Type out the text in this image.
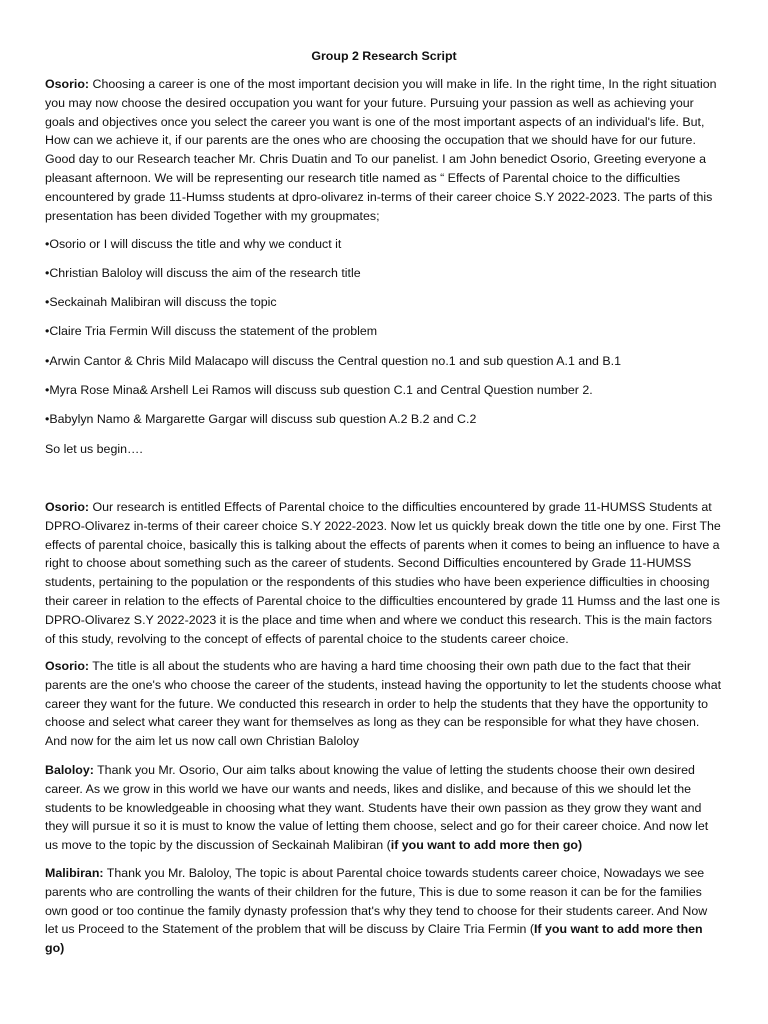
Group 2 Research Script

Osorio: Choosing a career is one of the most important decision you will make in life. In the right time, In the right situation you may now choose the desired occupation you want for your future. Pursuing your passion as well as achieving your goals and objectives once you select the career you want is one of the most important aspects of an individual's life. But, How can we achieve it, if our parents are the ones who are choosing the occupation that we should have for our future. Good day to our Research teacher Mr. Chris Duatin and To our panelist. I am John benedict Osorio, Greeting everyone a pleasant afternoon. We will be representing our research title named as “ Effects of Parental choice to the difficulties encountered by grade 11-Humss students at dpro-olivarez in-terms of their career choice S.Y 2022-2023. The parts of this presentation has been divided Together with my groupmates;

•Osorio or I will discuss the title and why we conduct it

•Christian Baloloy will discuss the aim of the research title

•Seckainah Malibiran will discuss the topic

•Claire Tria Fermin Will discuss the statement of the problem

•Arwin Cantor & Chris Mild Malacapo will discuss the Central question no.1 and sub question A.1 and B.1

•Myra Rose Mina& Arshell Lei Ramos will discuss sub question C.1 and Central Question number 2.

•Babylyn Namo & Margarette Gargar will discuss sub question A.2 B.2 and C.2

So let us begin….

Osorio: Our research is entitled Effects of Parental choice to the difficulties encountered by grade 11-HUMSS Students at DPRO-Olivarez in-terms of their career choice S.Y 2022-2023. Now let us quickly break down the title one by one. First The effects of parental choice, basically this is talking about the effects of parents when it comes to being an influence to have a right to choose about something such as the career of students. Second Difficulties encountered by Grade 11-HUMSS students, pertaining to the population or the respondents of this studies who have been experience difficulties in choosing their career in relation to the effects of Parental choice to the difficulties encountered by grade 11 Humss and the last one is DPRO-Olivarez S.Y 2022-2023 it is the place and time when and where we conduct this research. This is the main factors of this study, revolving to the concept of effects of parental choice to the students career choice.

Osorio: The title is all about the students who are having a hard time choosing their own path due to the fact that their parents are the one's who choose the career of the students, instead having the opportunity to let the students choose what career they want for the future. We conducted this research in order to help the students that they have the opportunity to choose and select what career they want for themselves as long as they can be responsible for what they have chosen. And now for the aim let us now call own Christian Baloloy

Baloloy: Thank you Mr. Osorio, Our aim talks about knowing the value of letting the students choose their own desired career. As we grow in this world we have our wants and needs, likes and dislike, and because of this we should let the students to be knowledgeable in choosing what they want. Students have their own passion as they grow they want and they will pursue it so it is must to know the value of letting them choose, select and go for their career choice. And now let us move to the topic by the discussion of Seckainah Malibiran (if you want to add more then go)

Malibiran: Thank you Mr. Baloloy, The topic is about Parental choice towards students career choice, Nowadays we see parents who are controlling the wants of their children for the future, This is due to some reason it can be for the families own good or too continue the family dynasty profession that's why they tend to choose for their students career. And Now let us Proceed to the Statement of the problem that will be discuss by Claire Tria Fermin (If you want to add more then go)
